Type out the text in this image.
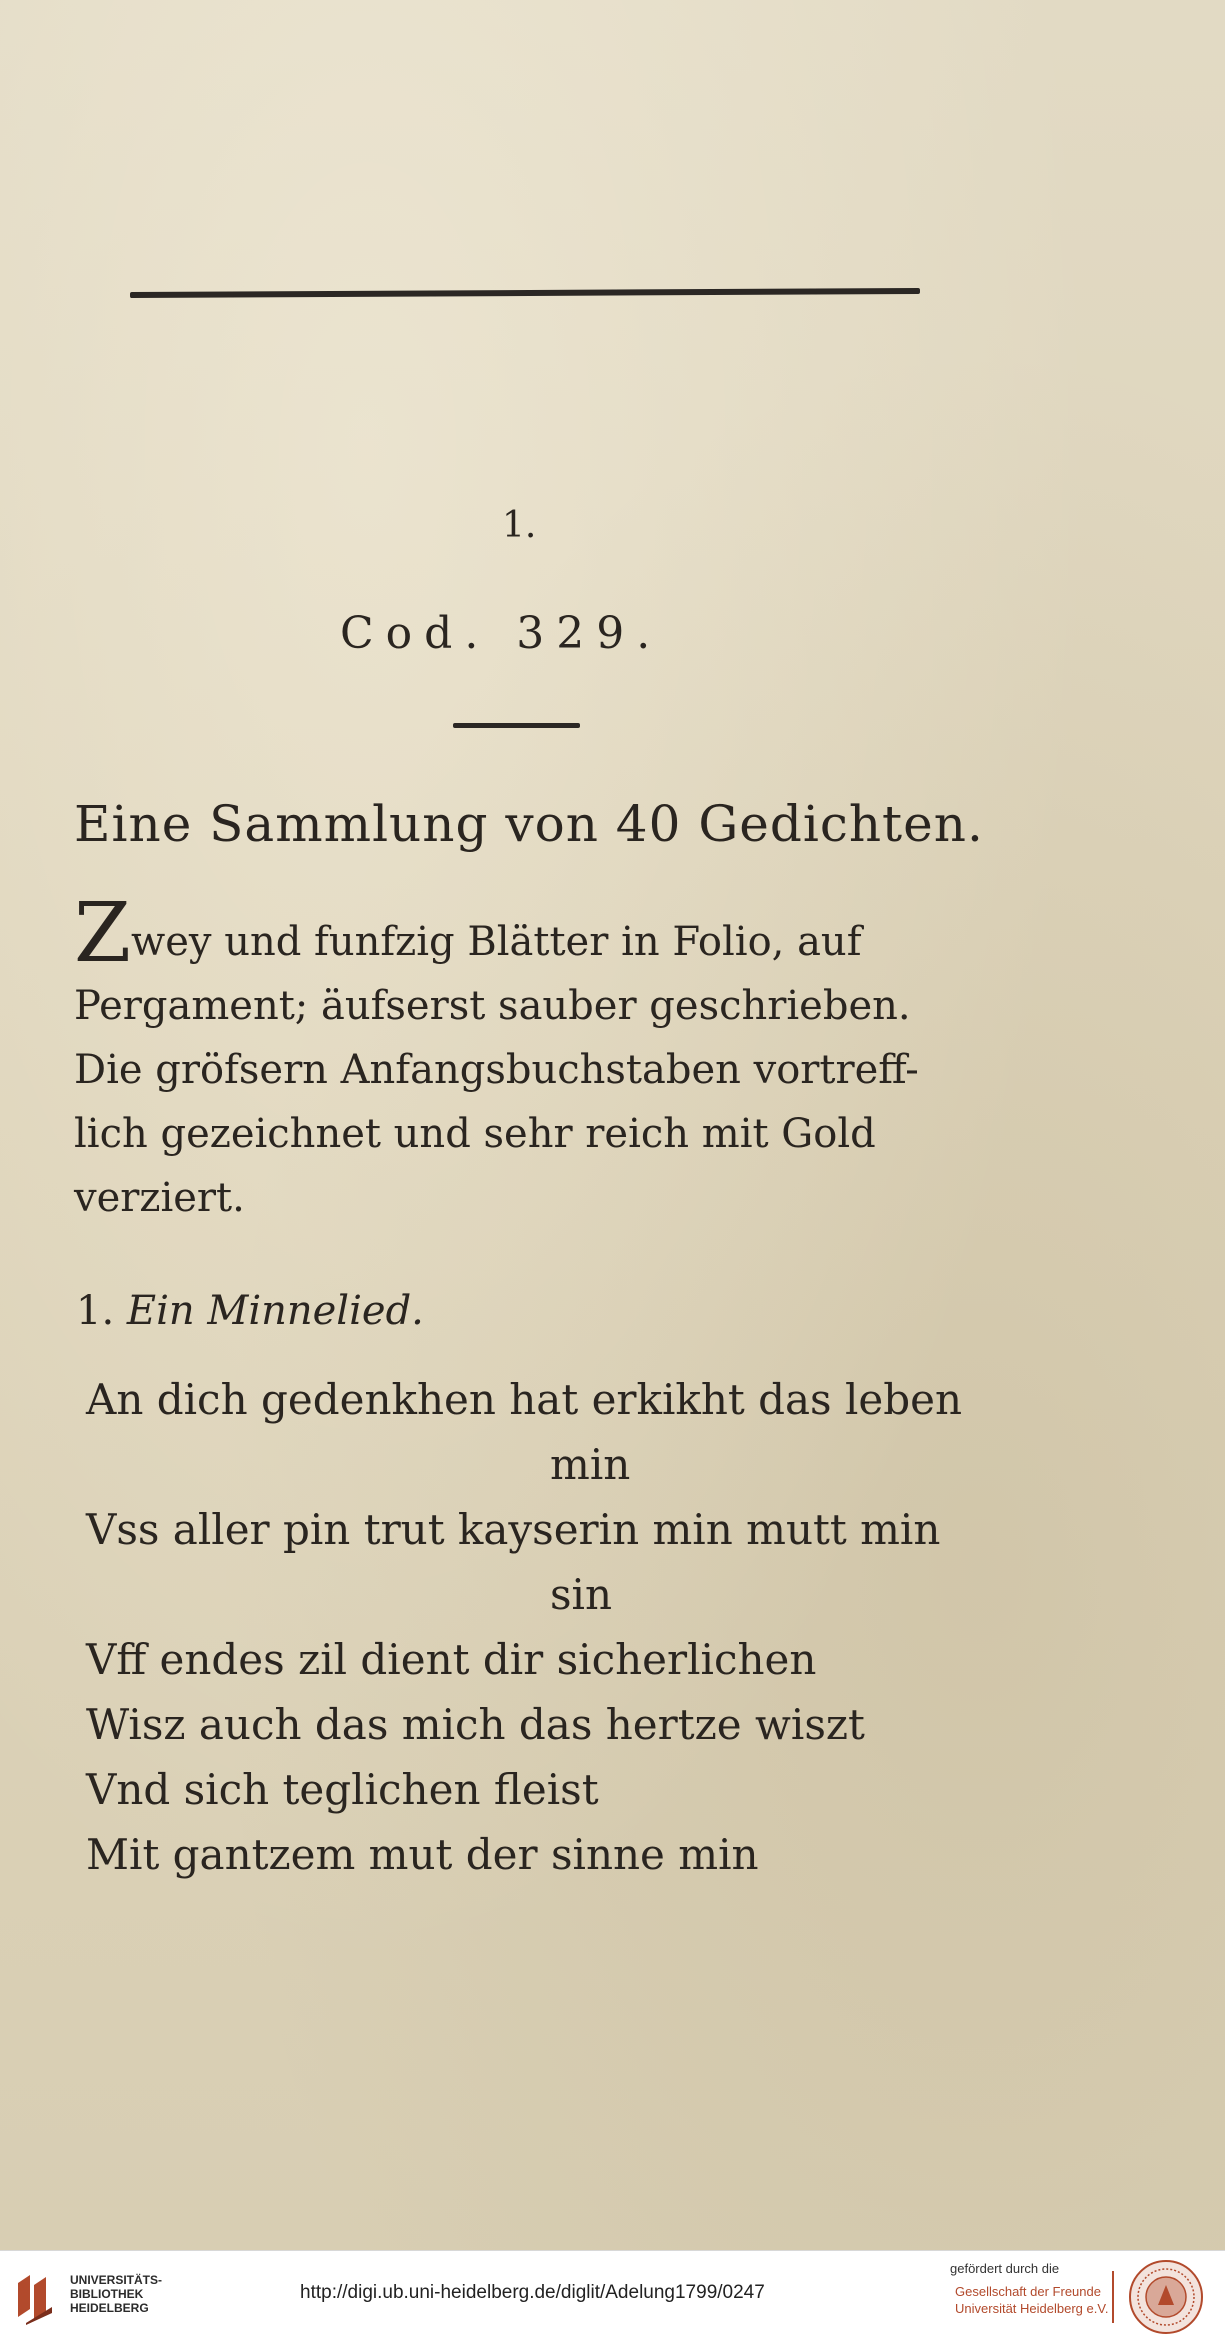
1.
Cod. 329.
Eine Sammlung von 40 Gedichten.
Zwey und funfzig Blätter in Folio, auf
Pergament; äufserst sauber geschrieben.
Die gröfsern Anfangsbuchstaben vortreff-
lich gezeichnet und sehr reich mit Gold
verziert.
1. Ein Minnelied.
An dich gedenkhen hat erkikht das leben
min
Vss aller pin trut kayserin min mutt min
sin
Vff endes zil dient dir sicherlichen
Wisz auch das mich das hertze wiszt
Vnd sich teglichen fleist
Mit gantzem mut der sinne min
UNIVERSITÄTS-
BIBLIOTHEK
HEIDELBERG
http://digi.ub.uni-heidelberg.de/diglit/Adelung1799/0247
gefördert durch die
Gesellschaft der Freunde
Universität Heidelberg e.V.
